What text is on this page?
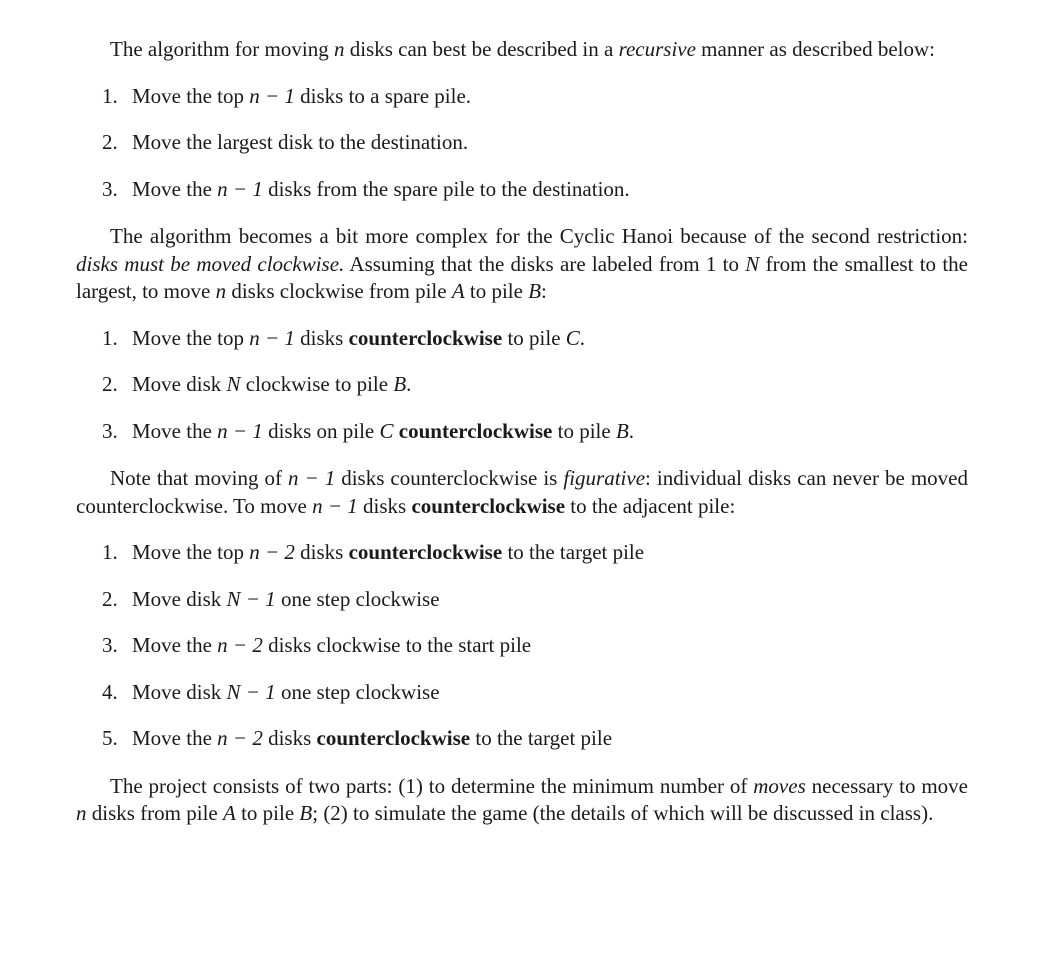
The algorithm for moving n disks can best be described in a recursive manner as described below:

1. Move the top n − 1 disks to a spare pile.
2. Move the largest disk to the destination.
3. Move the n − 1 disks from the spare pile to the destination.

The algorithm becomes a bit more complex for the Cyclic Hanoi because of the second restriction: disks must be moved clockwise. Assuming that the disks are labeled from 1 to N from the smallest to the largest, to move n disks clockwise from pile A to pile B:

1. Move the top n − 1 disks counterclockwise to pile C.
2. Move disk N clockwise to pile B.
3. Move the n − 1 disks on pile C counterclockwise to pile B.

Note that moving of n − 1 disks counterclockwise is figurative: individual disks can never be moved counterclockwise. To move n − 1 disks counterclockwise to the adjacent pile:

1. Move the top n − 2 disks counterclockwise to the target pile
2. Move disk N − 1 one step clockwise
3. Move the n − 2 disks clockwise to the start pile
4. Move disk N − 1 one step clockwise
5. Move the n − 2 disks counterclockwise to the target pile

The project consists of two parts: (1) to determine the minimum number of moves necessary to move n disks from pile A to pile B; (2) to simulate the game (the details of which will be discussed in class).
